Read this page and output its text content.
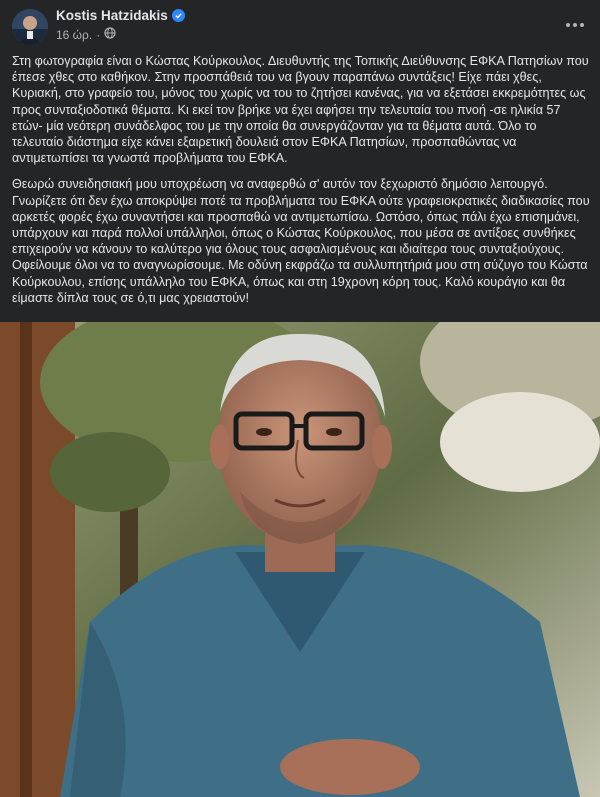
Kostis Hatzidakis
16 ώρ. ·

Στη φωτογραφία είναι ο Κώστας Κούρκουλος. Διευθυντής της Τοπικής Διεύθυνσης ΕΦΚΑ Πατησίων που έπεσε χθες στο καθήκον. Στην προσπάθειά του να βγουν παραπάνω συντάξεις! Είχε πάει χθες, Κυριακή, στο γραφείο του, μόνος του χωρίς να του το ζητήσει κανένας, για να εξετάσει εκκρεμότητες ως προς συνταξιοδοτικά θέματα. Κι εκεί τον βρήκε να έχει αφήσει την τελευταία του πνοή -σε ηλικία 57 ετών- μία νεότερη συνάδελφος του με την οποία θα συνεργάζονταν για τα θέματα αυτά. Όλο το τελευταίο διάστημα είχε κάνει εξαιρετική δουλειά στον ΕΦΚΑ Πατησίων, προσπαθώντας να αντιμετωπίσει τα γνωστά προβλήματα του ΕΦΚΑ.

Θεωρώ συνειδησιακή μου υποχρέωση να αναφερθώ σ' αυτόν τον ξεχωριστό δημόσιο λειτουργό. Γνωρίζετε ότι δεν έχω αποκρύψει ποτέ τα προβλήματα του ΕΦΚΑ ούτε γραφειοκρατικές διαδικασίες που αρκετές φορές έχω συναντήσει και προσπαθώ να αντιμετωπίσω. Ωστόσο, όπως πάλι έχω επισημάνει, υπάρχουν και παρά πολλοί υπάλληλοι, όπως ο Κώστας Κούρκουλος, που μέσα σε αντίξοες συνθήκες επιχειρούν να κάνουν το καλύτερο για όλους τους ασφαλισμένους και ιδιαίτερα τους συνταξιούχους. Οφείλουμε όλοι να το αναγνωρίσουμε. Με οδύνη εκφράζω τα συλλυπητήριά μου στη σύζυγο του Κώστα Κούρκουλου, επίσης υπάλληλο του ΕΦΚΑ, όπως και στη 19χρονη κόρη τους. Καλό κουράγιο και θα είμαστε δίπλα τους σε ό,τι μας χρειαστούν!
